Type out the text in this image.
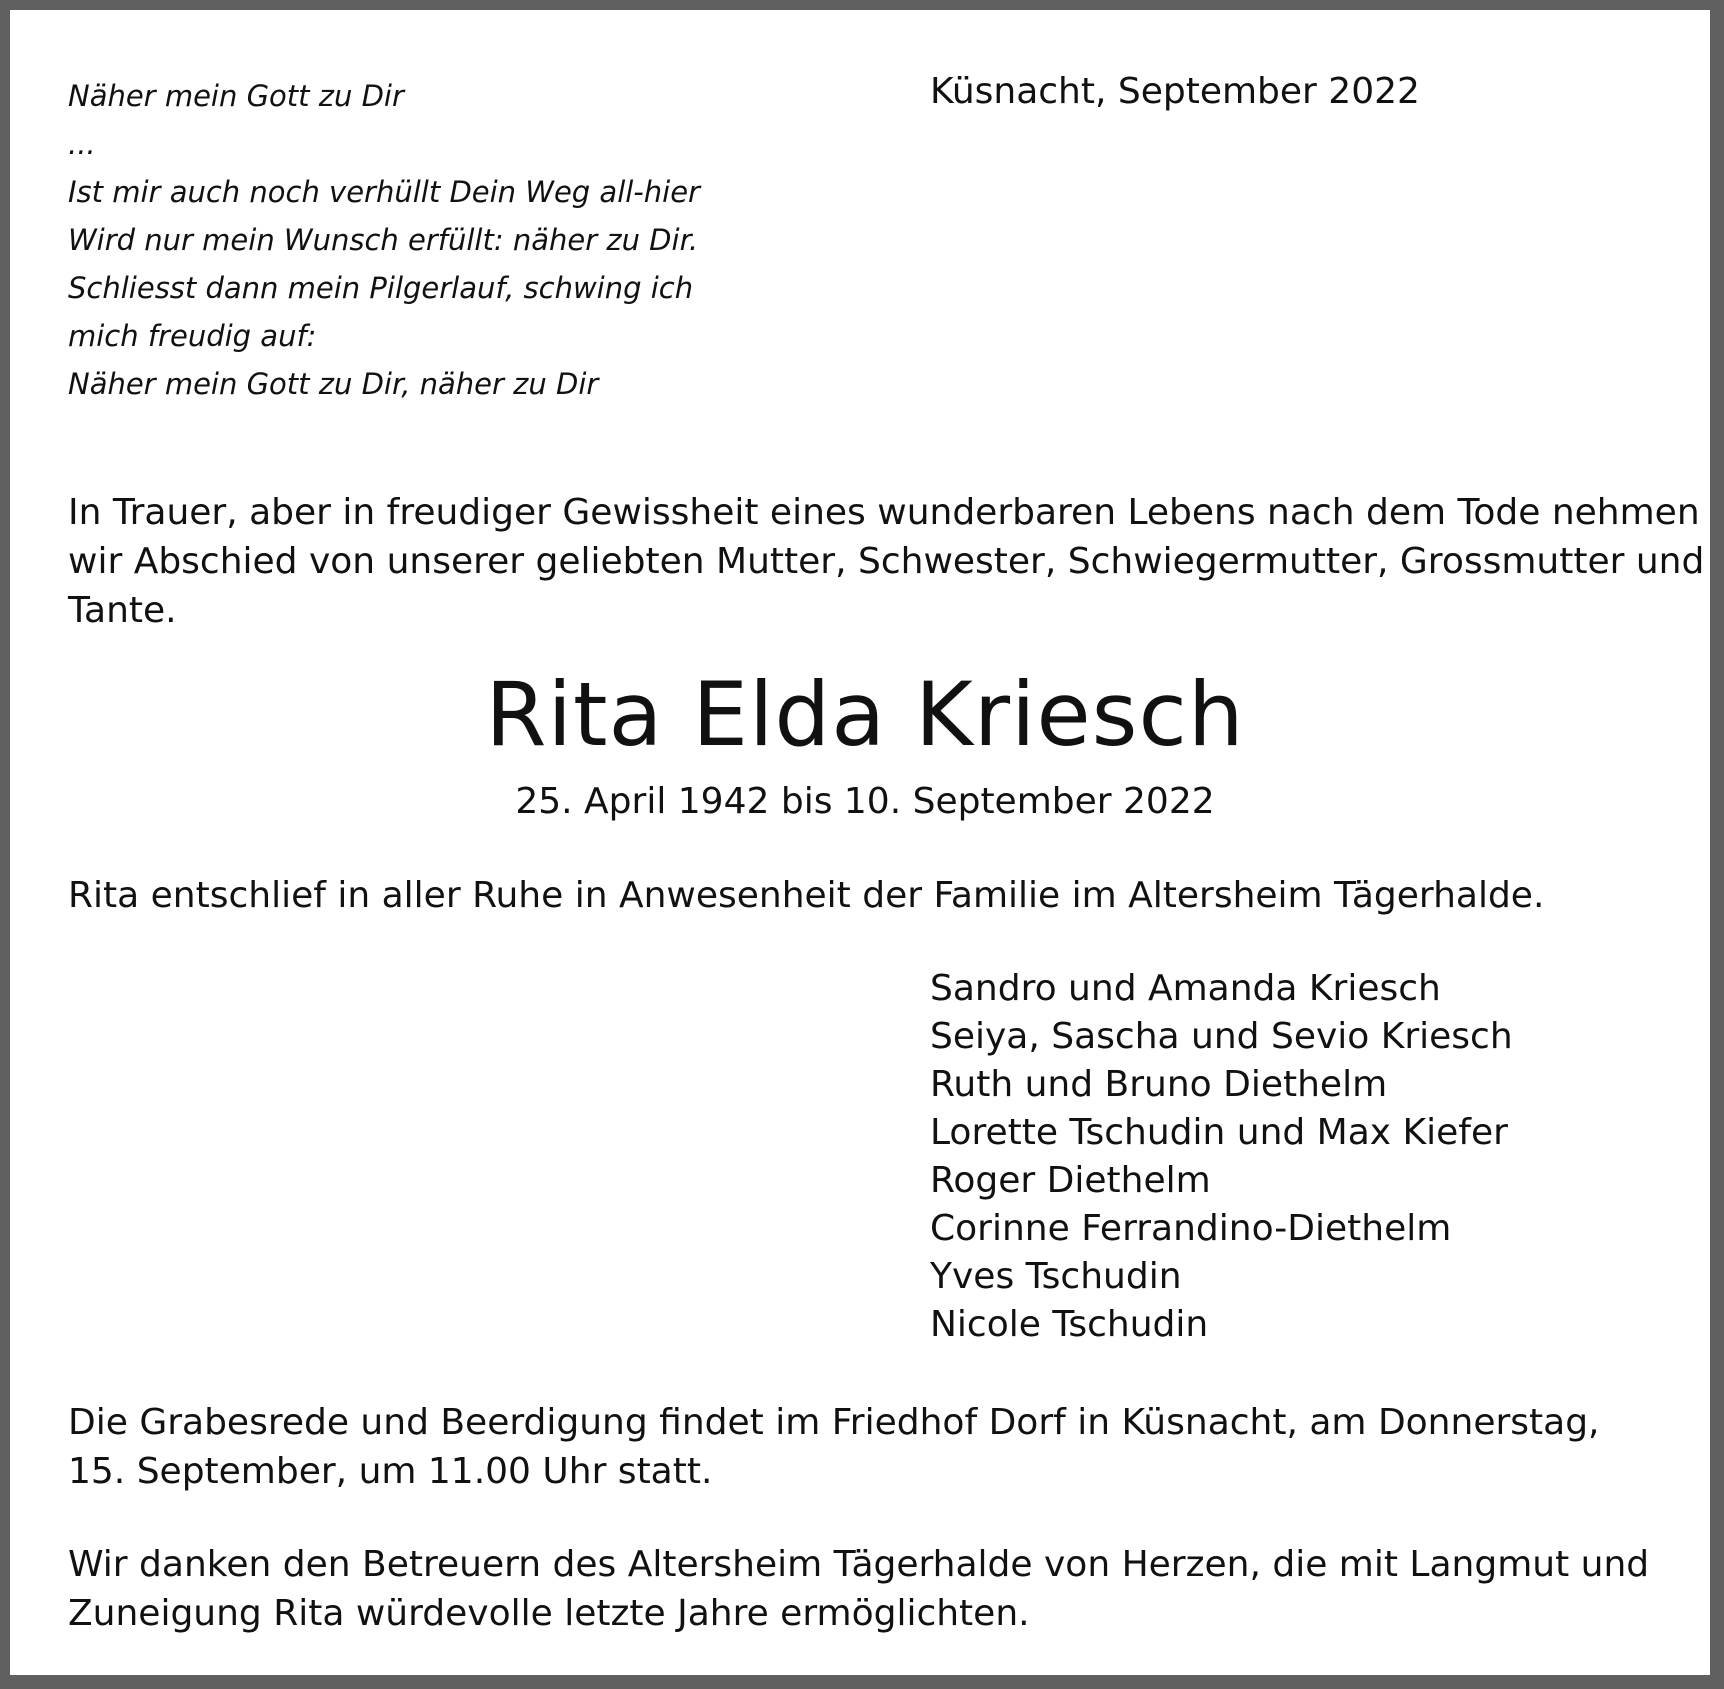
Näher mein Gott zu Dir
...
Ist mir auch noch verhüllt Dein Weg all-hier
Wird nur mein Wunsch erfüllt: näher zu Dir.
Schliesst dann mein Pilgerlauf, schwing ich
mich freudig auf:
Näher mein Gott zu Dir, näher zu Dir
Küsnacht, September 2022
In Trauer, aber in freudiger Gewissheit eines wunderbaren Lebens nach dem Tode nehmen
wir Abschied von unserer geliebten Mutter, Schwester, Schwiegermutter, Grossmutter und
Tante.
Rita Elda Kriesch
25. April 1942 bis 10. September 2022
Rita entschlief in aller Ruhe in Anwesenheit der Familie im Altersheim Tägerhalde.
Sandro und Amanda Kriesch
Seiya, Sascha und Sevio Kriesch
Ruth und Bruno Diethelm
Lorette Tschudin und Max Kiefer
Roger Diethelm
Corinne Ferrandino-Diethelm
Yves Tschudin
Nicole Tschudin
Die Grabesrede und Beerdigung findet im Friedhof Dorf in Küsnacht, am Donnerstag,
15. September, um 11.00 Uhr statt.
Wir danken den Betreuern des Altersheim Tägerhalde von Herzen, die mit Langmut und
Zuneigung Rita würdevolle letzte Jahre ermöglichten.
